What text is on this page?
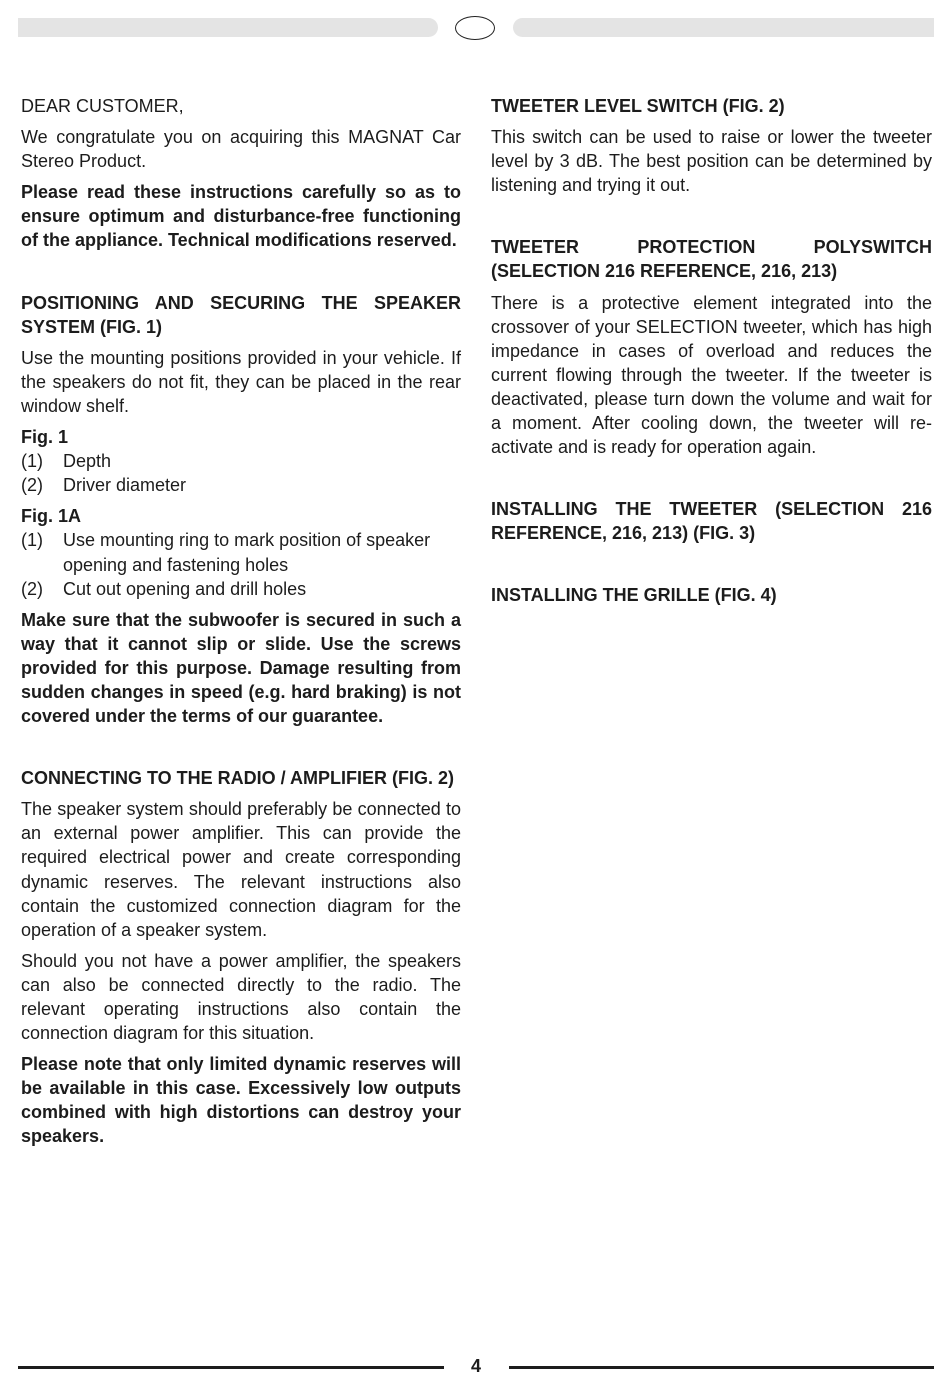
DEAR CUSTOMER,

We congratulate you on acquiring this MAGNAT Car Stereo Product.

Please read these instructions carefully so as to ensure optimum and disturbance-free functioning of the appliance. Technical modifications reserved.

POSITIONING AND SECURING THE SPEAKER SYSTEM (FIG. 1)

Use the mounting positions provided in your vehicle. If the speakers do not fit, they can be placed in the rear window shelf.

Fig. 1
(1)	Depth
(2)	Driver diameter
Fig. 1A
(1)	Use mounting ring to mark position of speaker opening and fastening holes
(2)	Cut out opening and drill holes

Make sure that the subwoofer is secured in such a way that it cannot slip or slide. Use the screws provided for this purpose. Damage resulting from sudden changes in speed (e.g. hard braking) is not covered under the terms of our guarantee.

CONNECTING TO THE RADIO / AMPLIFIER (FIG. 2)

The speaker system should preferably be connected to an external power amplifier. This can provide the required electrical power and create corresponding dynamic reserves. The relevant instructions also contain the customized connection diagram for the operation of a speaker system.

Should you not have a power amplifier, the speakers can also be connected directly to the radio. The relevant operating instructions also contain the connection diagram for this situation.

Please note that only limited dynamic reserves will be available in this case. Excessively low outputs combined with high distortions can destroy your speakers.

TWEETER LEVEL SWITCH (FIG. 2)

This switch can be used to raise or lower the tweeter level by 3 dB. The best position can be determined by listening and trying it out.

TWEETER PROTECTION POLYSWITCH (SELECTION 216 REFERENCE, 216, 213)

There is a protective element integrated into the crossover of your SELECTION tweeter, which has high impedance in cases of overload and reduces the current flowing through the tweeter. If the tweeter is deactivated, please turn down the volume and wait for a moment. After cooling down, the tweeter will re-activate and is ready for operation again.

INSTALLING THE TWEETER (SELECTION 216 REFERENCE, 216, 213) (FIG. 3)
INSTALLING THE GRILLE (FIG. 4)
4
